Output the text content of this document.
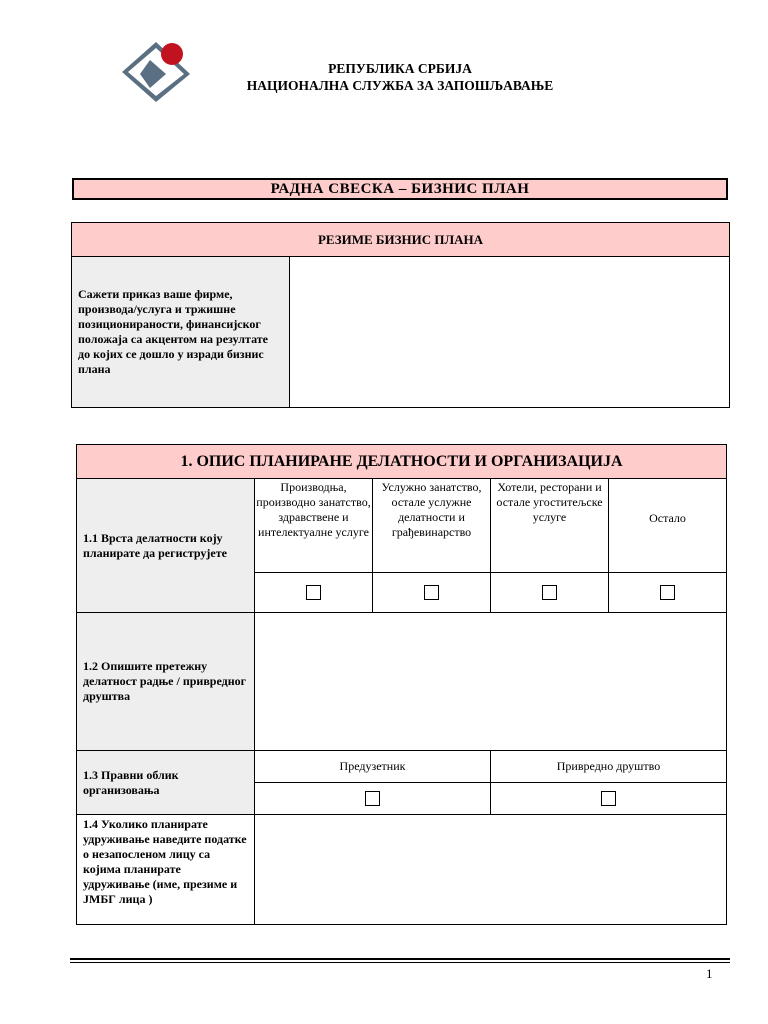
РЕПУБЛИКА СРБИЈА
НАЦИОНАЛНА СЛУЖБА ЗА ЗАПОШЉАВАЊЕ
РАДНА СВЕСКА – БИЗНИС ПЛАН
РЕЗИМЕ БИЗНИС ПЛАНА
Сажети приказ ваше фирме, производа/услуга и тржишне позиционираности, финансијског положаја са акцентом на резултате до којих се дошло у изради бизнис плана	
1. ОПИС ПЛАНИРАНЕ ДЕЛАТНОСТИ И ОРГАНИЗАЦИЈА				
1.1 Врста делатности коју планирате да региструјете	Производња, производно занатство, здравствене и интелектуалне услуге	Услужно занатство, остале услужне делатности и грађевинарство	Хотели, ресторани и остале угоститељске услуге	Остало

1.2 Опишите претежну делатност радње / привредног друштва				
1.3 Правни облик организовања	Предузетник		Привредно друштво	

1.4 Уколико планирате удруживање наведите податке о незапосленом лицу са којима планирате удруживање (име, презиме и ЈМБГ лица )				
1
